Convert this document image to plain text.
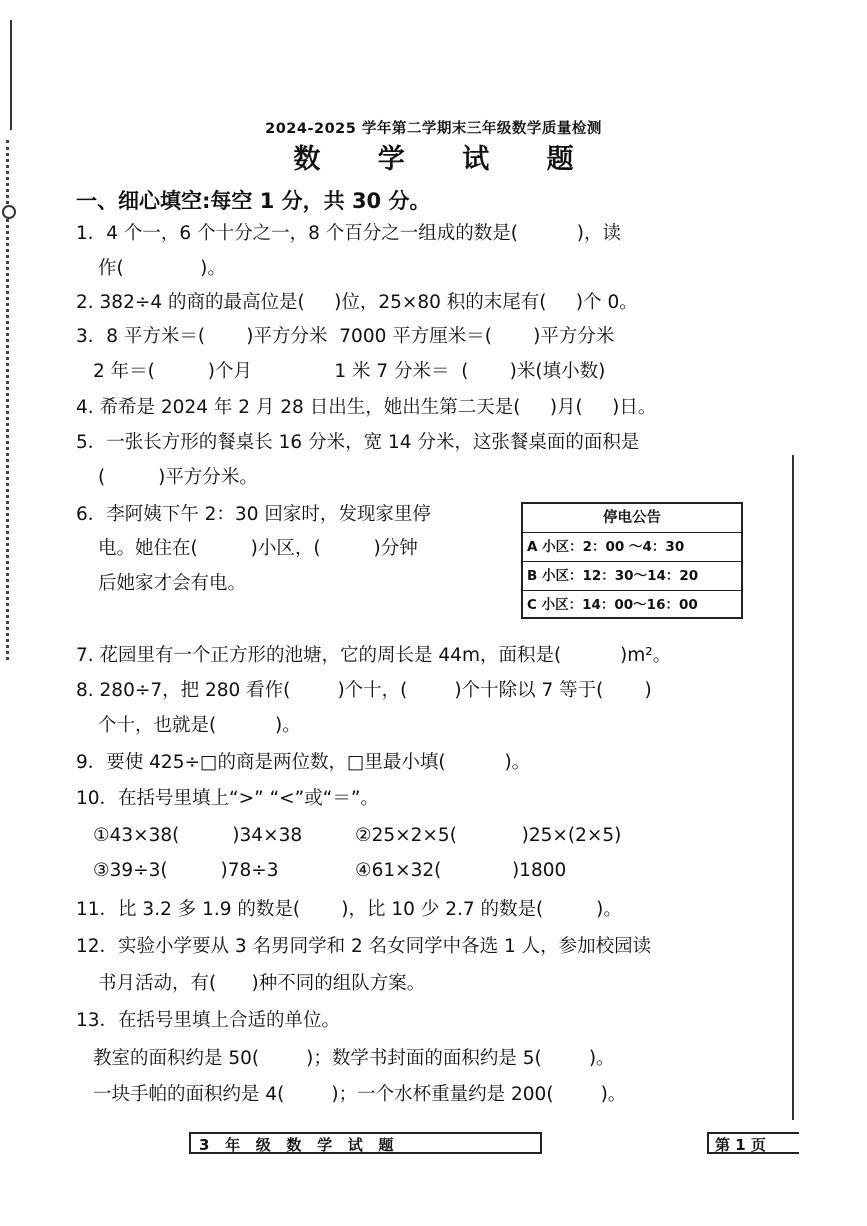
2024-2025 学年第二学期末三年级数学质量检测
数 学 试 题
一、细心填空:每空 1 分，共 30 分。
1．4 个一，6 个十分之一，8 个百分之一组成的数是(          )，读
作(             )。
2. 382÷4 的商的最高位是(     )位，25×80 积的末尾有(     )个 0。
3．8 平方米＝(       )平方分米  7000 平方厘米＝(       )平方分米
2 年＝(         )个月              1 米 7 分米＝  (       )米(填小数)
4. 希希是 2024 年 2 月 28 日出生，她出生第二天是(     )月(     )日。
5．一张长方形的餐桌长 16 分米，宽 14 分米，这张餐桌面的面积是
(         )平方分米。
6．李阿姨下午 2：30 回家时，发现家里停
电。她住在(         )小区，(         )分钟
后她家才会有电。
停电公告
A 小区：2：00 ～4：30
B 小区：12：30～14：20
C 小区：14：00～16：00
7. 花园里有一个正方形的池塘，它的周长是 44m，面积是(          )m²。
8. 280÷7，把 280 看作(        )个十，(        )个十除以 7 等于(       )
个十，也就是(          )。
9．要使 425÷□的商是两位数，□里最小填(          )。
10．在括号里填上“>” “<”或“＝”。
①43×38(         )34×38         ②25×2×5(           )25×(2×5)
③39÷3(         )78÷3             ④61×32(            )1800
11．比 3.2 多 1.9 的数是(       )，比 10 少 2.7 的数是(         )。
12．实验小学要从 3 名男同学和 2 名女同学中各选 1 人，参加校园读
书月活动，有(      )种不同的组队方案。
13．在括号里填上合适的单位。
教室的面积约是 50(        )；数学书封面的面积约是 5(        )。
一块手帕的面积约是 4(        )；一个水杯重量约是 200(        )。
3   年   级   数   学   试   题	第 1 页
